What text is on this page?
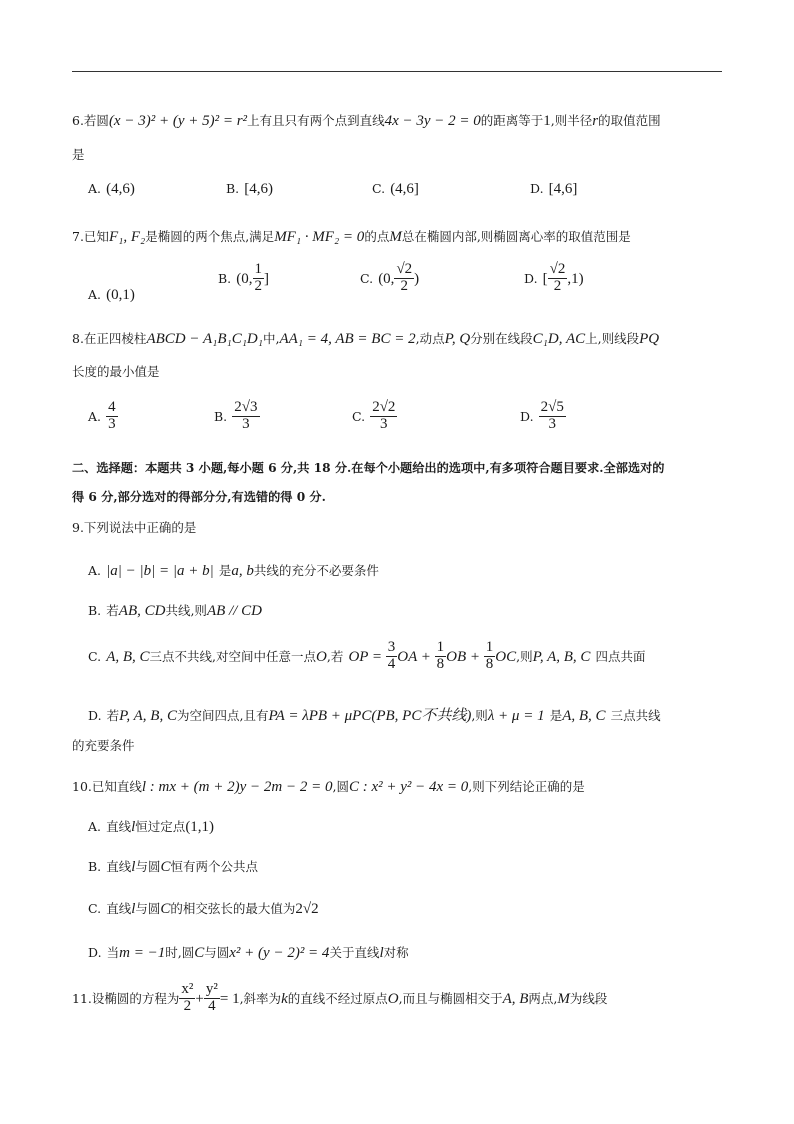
6.若圆(x − 3)² + (y + 5)² = r²上有且只有两个点到直线4x − 3y − 2 = 0的距离等于1,则半径r的取值范围
是
A. (4,6)	B. [4,6)	C. (4,6]	D. [4,6]
7.已知F₁, F₂是椭圆的两个焦点,满足MF₁ · MF₂ = 0的点M总在椭圆内部,则椭圆离心率的取值范围是
A. (0,1)
B. (0, $\frac{1}{2}$ ]	C. (0, $\frac{√2}{2}$ )	D. [ $\frac{√2}{2} ,1$)
8.在正四棱柱ABCD − A₁B₁C₁D₁中,AA₁ = 4, AB = BC = 2,动点P, Q分别在线段C₁D, AC上,则线段PQ
长度的最小值是
A. $\frac{4}{3}$	B. $\frac{2√3}{3}$	C. $\frac{2√2}{3}$	D. $\frac{2√5}{3}$
二、选择题：本题共 3 小题,每小题 6 分,共 18 分.在每个小题给出的选项中,有多项符合题目要求.全部选对的
得 6 分,部分选对的得部分分,有选错的得 0 分.
9.下列说法中正确的是
A. |a| − |b| = |a + b| 是a, b共线的充分不必要条件
B. 若AB, CD共线,则AB // CD
C. A, B, C三点不共线,对空间中任意一点O,若 OP = $\frac{3}{4}$ OA + $\frac{1}{8}$ OB + $\frac{1}{8}$ OC,则P, A, B, C 四点共面
D. 若P, A, B, C为空间四点,且有PA = λPB + μPC(PB, PC不共线),则λ + μ = 1 是A, B, C 三点共线
的充要条件
10.已知直线l : mx + (m + 2)y − 2m − 2 = 0,圆C : x² + y² − 4x = 0,则下列结论正确的是
A. 直线l恒过定点(1,1)
B. 直线l与圆C恒有两个公共点
C. 直线l与圆C的相交弦长的最大值为2√2
D. 当m = −1时,圆C与圆x² + (y − 2)² = 4关于直线l对称
11.设椭圆的方程为 $\frac{\text{x²}}{2} + \frac{\text{y²}}{4} = 1$,斜率为k的直线不经过原点O,而且与椭圆相交于A, B两点,M为线段
